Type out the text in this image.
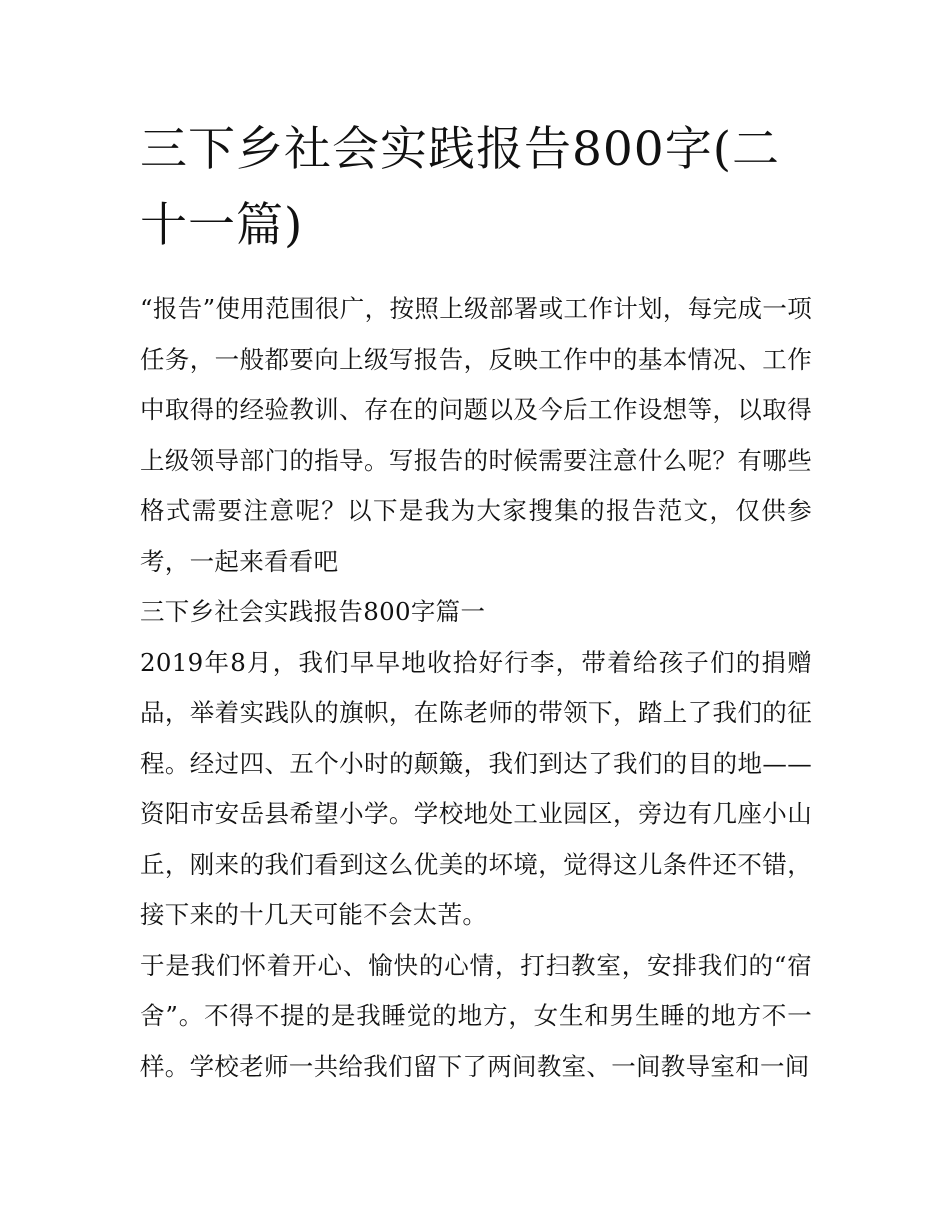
三下乡社会实践报告800字(二十一篇)

“报告”使用范围很广，按照上级部署或工作计划，每完成一项任务，一般都要向上级写报告，反映工作中的基本情况、工作中取得的经验教训、存在的问题以及今后工作设想等，以取得上级领导部门的指导。写报告的时候需要注意什么呢？有哪些格式需要注意呢？以下是我为大家搜集的报告范文，仅供参考，一起来看看吧

三下乡社会实践报告800字篇一

2019年8月，我们早早地收拾好行李，带着给孩子们的捐赠品，举着实践队的旗帜，在陈老师的带领下，踏上了我们的征程。经过四、五个小时的颠簸，我们到达了我们的目的地——资阳市安岳县希望小学。学校地处工业园区，旁边有几座小山丘，刚来的我们看到这么优美的坏境，觉得这儿条件还不错，接下来的十几天可能不会太苦。

于是我们怀着开心、愉快的心情，打扫教室，安排我们的“宿舍”。不得不提的是我睡觉的地方，女生和男生睡的地方不一样。学校老师一共给我们留下了两间教室、一间教导室和一间
